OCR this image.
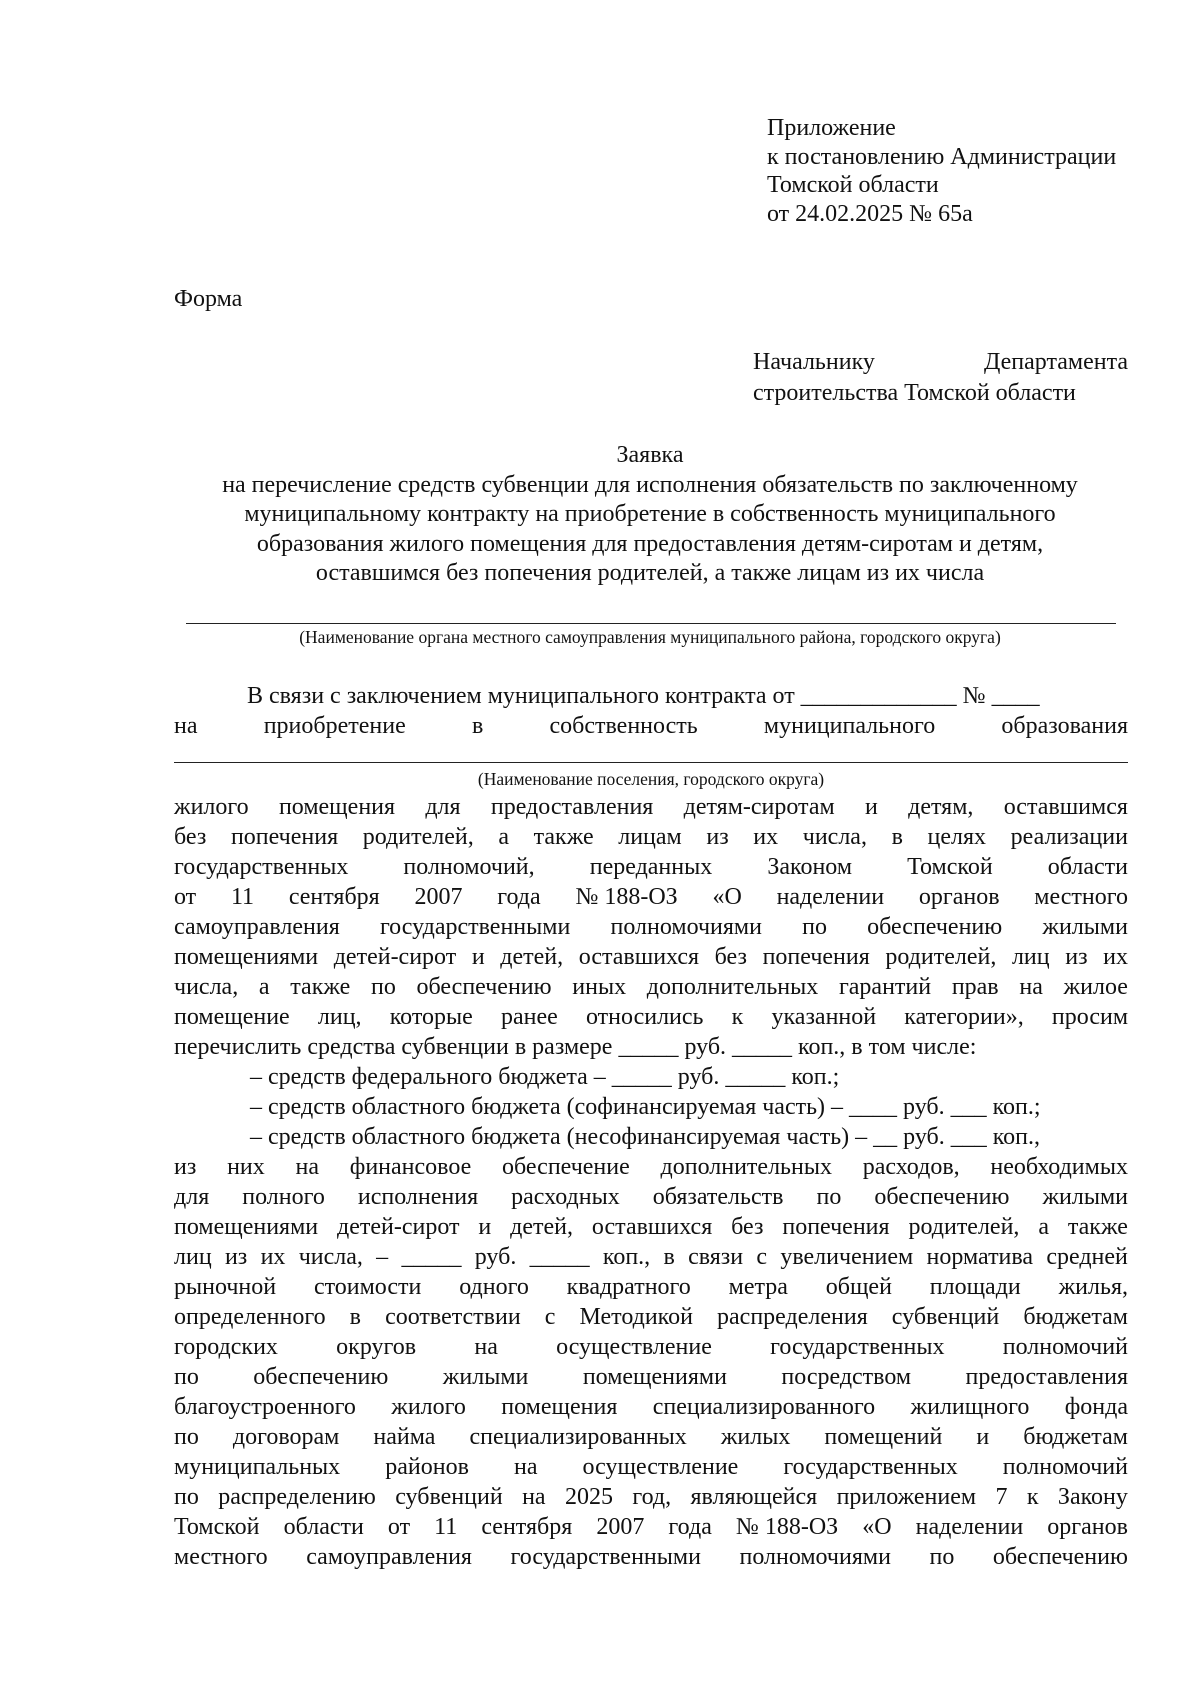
Приложение
к постановлению Администрации
Томской области
от 24.02.2025 № 65а
Форма
Начальнику	Департамента
строительства Томской области
Заявка
на перечисление средств субвенции для исполнения обязательств по заключенному
муниципальному контракту на приобретение в собственность муниципального
образования жилого помещения для предоставления детям-сиротам и детям,
оставшимся без попечения родителей, а также лицам из их числа
(Наименование органа местного самоуправления муниципального района, городского округа)
В связи с заключением муниципального контракта от _____________ № ____
на	приобретение	в	собственность	муниципального	образования
(Наименование поселения, городского округа)
жилого помещения для предоставления детям-сиротам и детям, оставшимся
без попечения родителей, а также лицам из их числа, в целях реализации
государственных полномочий, переданных Законом Томской области
от 11 сентября 2007 года № 188-ОЗ «О наделении органов местного
самоуправления государственными полномочиями по обеспечению жилыми
помещениями детей-сирот и детей, оставшихся без попечения родителей, лиц из их
числа, а также по обеспечению иных дополнительных гарантий прав на жилое
помещение лиц, которые ранее относились к указанной категории», просим
перечислить средства субвенции в размере _____ руб. _____ коп., в том числе:
– средств федерального бюджета – _____ руб. _____ коп.;
– средств областного бюджета (софинансируемая часть) – ____ руб. ___ коп.;
– средств областного бюджета (несофинансируемая часть) – __ руб. ___ коп.,
из них на финансовое обеспечение дополнительных расходов, необходимых
для полного исполнения расходных обязательств по обеспечению жилыми
помещениями детей-сирот и детей, оставшихся без попечения родителей, а также
лиц из их числа, – _____ руб. _____ коп., в связи с увеличением норматива средней
рыночной стоимости одного квадратного метра общей площади жилья,
определенного в соответствии с Методикой распределения субвенций бюджетам
городских округов на осуществление государственных полномочий
по обеспечению жилыми помещениями посредством предоставления
благоустроенного жилого помещения специализированного жилищного фонда
по договорам найма специализированных жилых помещений и бюджетам
муниципальных районов на осуществление государственных полномочий
по распределению субвенций на 2025 год, являющейся приложением 7 к Закону
Томской области от 11 сентября 2007 года № 188-ОЗ «О наделении органов
местного самоуправления государственными полномочиями по обеспечению
